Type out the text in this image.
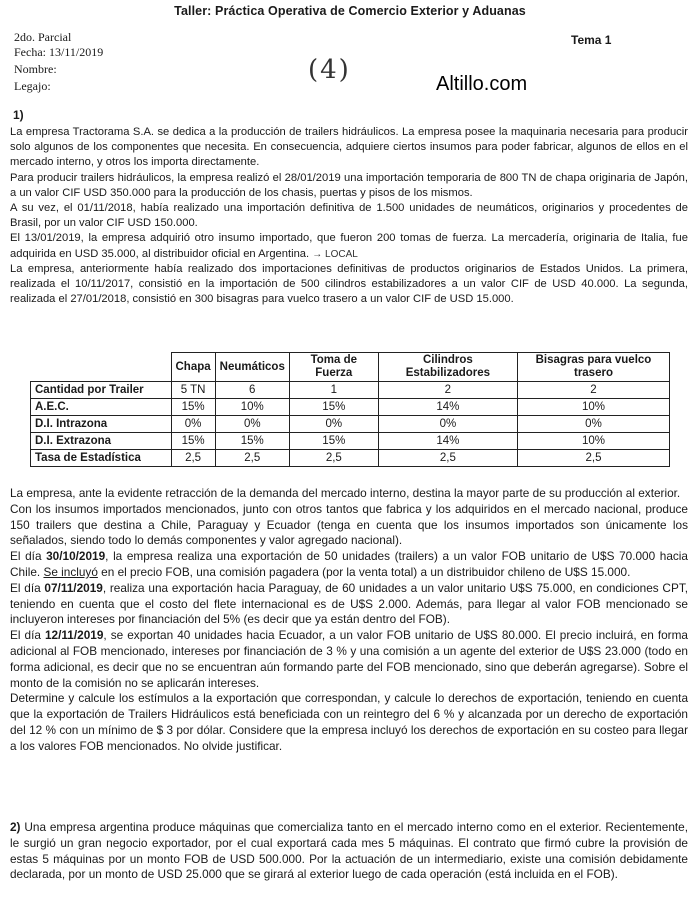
Taller: Práctica Operativa de Comercio Exterior y Aduanas
2do. Parcial
Fecha: 13/11/2019
Nombre:
Legajo:
Tema 1
(4)	Altillo.com
1)
La empresa Tractorama S.A. se dedica a la producción de trailers hidráulicos. La empresa posee la maquinaria necesaria para producir solo algunos de los componentes que necesita. En consecuencia, adquiere ciertos insumos para poder fabricar, algunos de ellos en el mercado interno, y otros los importa directamente.
Para producir trailers hidráulicos, la empresa realizó el 28/01/2019 una importación temporaria de 800 TN de chapa originaria de Japón, a un valor CIF USD 350.000 para la producción de los chasis, puertas y pisos de los mismos.
A su vez, el 01/11/2018, había realizado una importación definitiva de 1.500 unidades de neumáticos, originarios y procedentes de Brasil, por un valor CIF USD 150.000.
El 13/01/2019, la empresa adquirió otro insumo importado, que fueron 200 tomas de fuerza. La mercadería, originaria de Italia, fue adquirida en USD 35.000, al distribuidor oficial en Argentina. → LOCAL
La empresa, anteriormente había realizado dos importaciones definitivas de productos originarios de Estados Unidos. La primera, realizada el 10/11/2017, consistió en la importación de 500 cilindros estabilizadores a un valor CIF de USD 40.000. La segunda, realizada el 27/01/2018, consistió en 300 bisagras para vuelco trasero a un valor CIF de USD 15.000.
	Chapa	Neumáticos	Toma de Fuerza	Cilindros Estabilizadores	Bisagras para vuelco trasero
Cantidad por Trailer	5 TN	6	1	2	2
A.E.C.	15%	10%	15%	14%	10%
D.I. Intrazona	0%	0%	0%	0%	0%
D.I. Extrazona	15%	15%	15%	14%	10%
Tasa de Estadística	2,5	2,5	2,5	2,5	2,5
La empresa, ante la evidente retracción de la demanda del mercado interno, destina la mayor parte de su producción al exterior.
Con los insumos importados mencionados, junto con otros tantos que fabrica y los adquiridos en el mercado nacional, produce 150 trailers que destina a Chile, Paraguay y Ecuador (tenga en cuenta que los insumos importados son únicamente los señalados, siendo todo lo demás componentes y valor agregado nacional).
El día 30/10/2019, la empresa realiza una exportación de 50 unidades (trailers) a un valor FOB unitario de U$S 70.000 hacia Chile. Se incluyó en el precio FOB, una comisión pagadera (por la venta total) a un distribuidor chileno de U$S 15.000.
El día 07/11/2019, realiza una exportación hacia Paraguay, de 60 unidades a un valor unitario U$S 75.000, en condiciones CPT, teniendo en cuenta que el costo del flete internacional es de U$S 2.000. Además, para llegar al valor FOB mencionado se incluyeron intereses por financiación del 5% (es decir que ya están dentro del FOB).
El día 12/11/2019, se exportan 40 unidades hacia Ecuador, a un valor FOB unitario de U$S 80.000. El precio incluirá, en forma adicional al FOB mencionado, intereses por financiación de 3 % y una comisión a un agente del exterior de U$S 23.000 (todo en forma adicional, es decir que no se encuentran aún formando parte del FOB mencionado, sino que deberán agregarse). Sobre el monto de la comisión no se aplicarán intereses.
Determine y calcule los estímulos a la exportación que correspondan, y calcule lo derechos de exportación, teniendo en cuenta que la exportación de Trailers Hidráulicos está beneficiada con un reintegro del 6 % y alcanzada por un derecho de exportación del 12 % con un mínimo de $ 3 por dólar. Considere que la empresa incluyó los derechos de exportación en su costeo para llegar a los valores FOB mencionados. No olvide justificar.
2) Una empresa argentina produce máquinas que comercializa tanto en el mercado interno como en el exterior. Recientemente, le surgió un gran negocio exportador, por el cual exportará cada mes 5 máquinas. El contrato que firmó cubre la provisión de estas 5 máquinas por un monto FOB de USD 500.000. Por la actuación de un intermediario, existe una comisión debidamente declarada, por un monto de USD 25.000 que se girará al exterior luego de cada operación (está incluida en el FOB).
